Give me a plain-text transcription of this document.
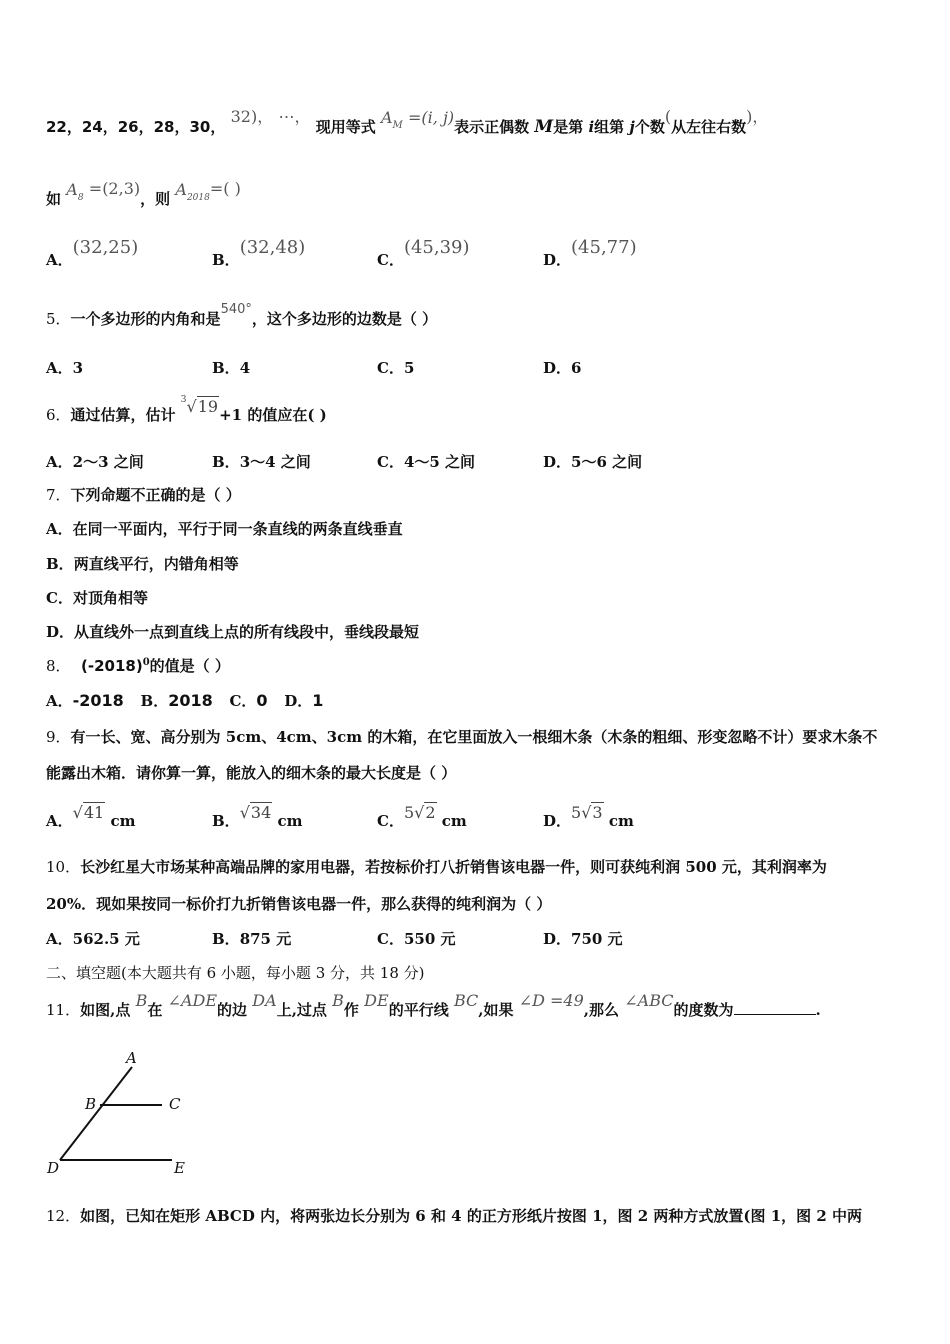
22，24，26，28，30， 32)， ⋯， 现用等式 $A^M =(i$, j)表示正偶数 M是第 i组第 j个数(从左往右数)，
如 $A^8 =(2,3)$，则 $A^{2018}=$( )
A．(32,25)
B．(32,48)
C．(45,39)
D．(45,77)
5．一个多边形的内角和是540°，这个多边形的边数是（ ）
A．3	B．4	C．5	D．6
6．通过估算，估计 $^3$√19+1 的值应在( )
A．2～3 之间	B．3～4 之间	C．4～5 之间	D．5～6 之间
7．下列命题不正确的是（ ）
A．在同一平面内，平行于同一条直线的两条直线垂直
B．两直线平行，内错角相等
C．对顶角相等
D．从直线外一点到直线上点的所有线段中，垂线段最短
8． $(-2018)^0$的值是（ ）
A．-2018 B．2018 C．0 D．1
9．有一长、宽、高分别为 5cm、4cm、3cm 的木箱，在它里面放入一根细木条（木条的粗细、形变忽略不计）要求木条不
能露出木箱．请你算一算，能放入的细木条的最大长度是（ ）
A．√41 cm	B．√34 cm	C．5√2 cm	D．5√3 cm
10．长沙红星大市场某种高端品牌的家用电器，若按标价打八折销售该电器一件，则可获纯利润 500 元，其利润率为
20%．现如果按同一标价打九折销售该电器一件，那么获得的纯利润为（ ）
A．562.5 元	B．875 元	C．550 元	D．750 元
二、填空题(本大题共有 6 小题，每小题 3 分，共 18 分)
11．如图,点 B在 ∠ADE的边 DA上,过点 B作 DE的平行线 BC,如果 ∠D =49,那么 ∠ABC的度数为	.
A
B	C
D	E
12．如图，已知在矩形 ABCD 内，将两张边长分别为 6 和 4 的正方形纸片按图 1，图 2 两种方式放置(图 1，图 2 中两
